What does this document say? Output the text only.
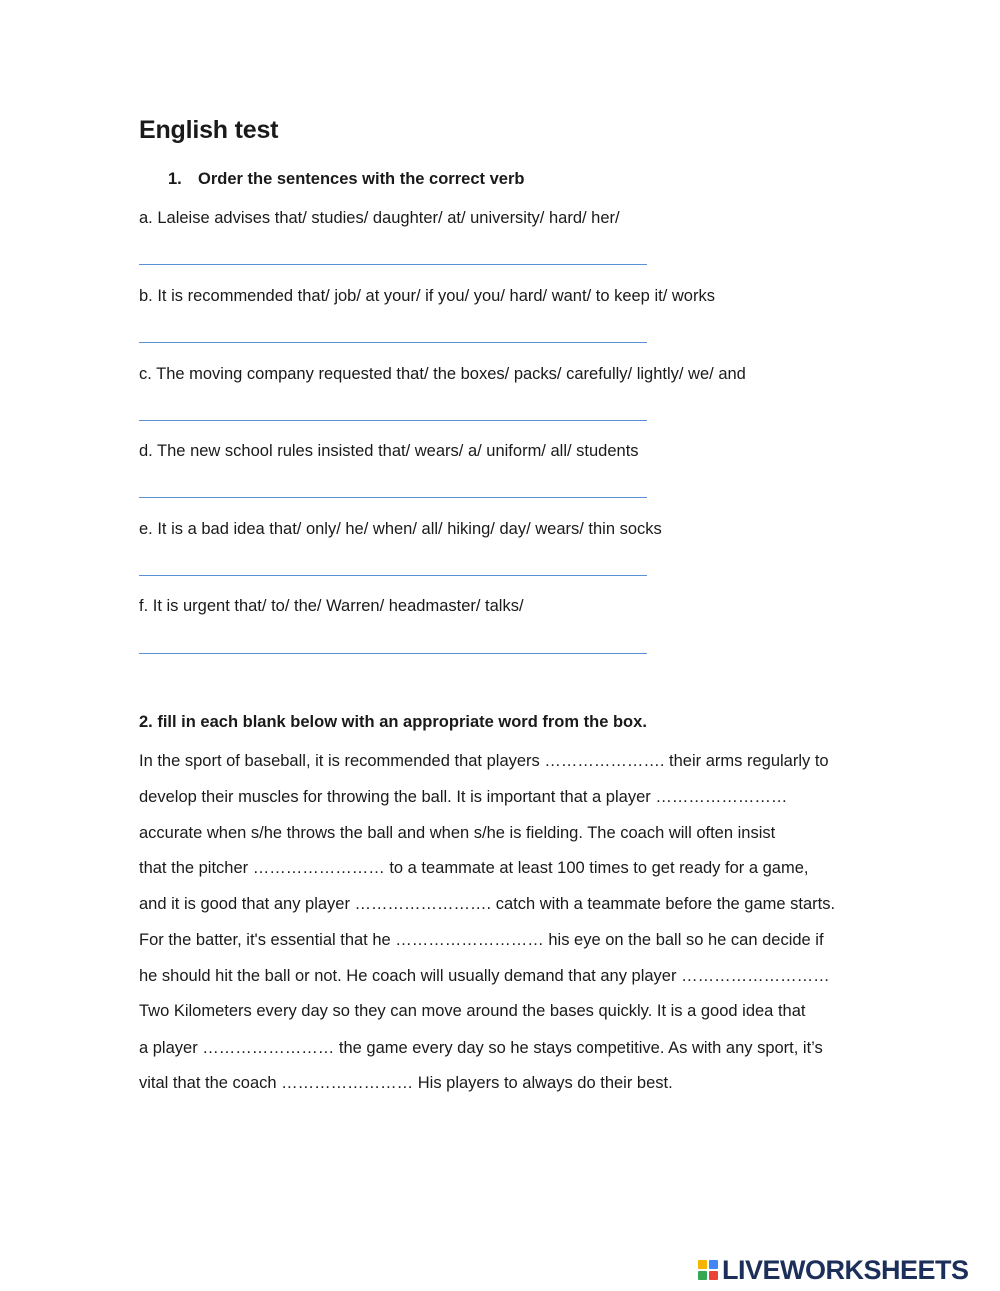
English test

1. Order the sentences with the correct verb

a. Laleise advises that/ studies/ daughter/ at/ university/ hard/ her/

b. It is recommended that/ job/ at your/ if you/ you/ hard/ want/ to keep it/ works

c. The moving company requested that/ the boxes/ packs/ carefully/ lightly/ we/ and

d. The new school rules insisted that/ wears/ a/ uniform/ all/ students

e. It is a bad idea that/ only/ he/ when/ all/ hiking/ day/ wears/ thin socks

f. It is urgent that/ to/ the/ Warren/ headmaster/ talks/

2. fill in each blank below with an appropriate word from the box.

In the sport of baseball, it is recommended that players …………………. their arms regularly to

develop their muscles for throwing the ball. It is important that a player ……………………

accurate when s/he throws the ball and when s/he is fielding. The coach will often insist

that the pitcher …………………… to a teammate at least 100 times to get ready for a game,

and it is good that any player ……………………. catch with a teammate before the game starts.

For the batter, it's essential that he ……………………… his eye on the ball so he can decide if

he should hit the ball or not. He coach will usually demand that any player ………………………

Two Kilometers every day so they can move around the bases quickly. It is a good idea that

a player …………………… the game every day so he stays competitive. As with any sport, it’s

vital that the coach …………………… His players to always do their best.

LIVEWORKSHEETS
